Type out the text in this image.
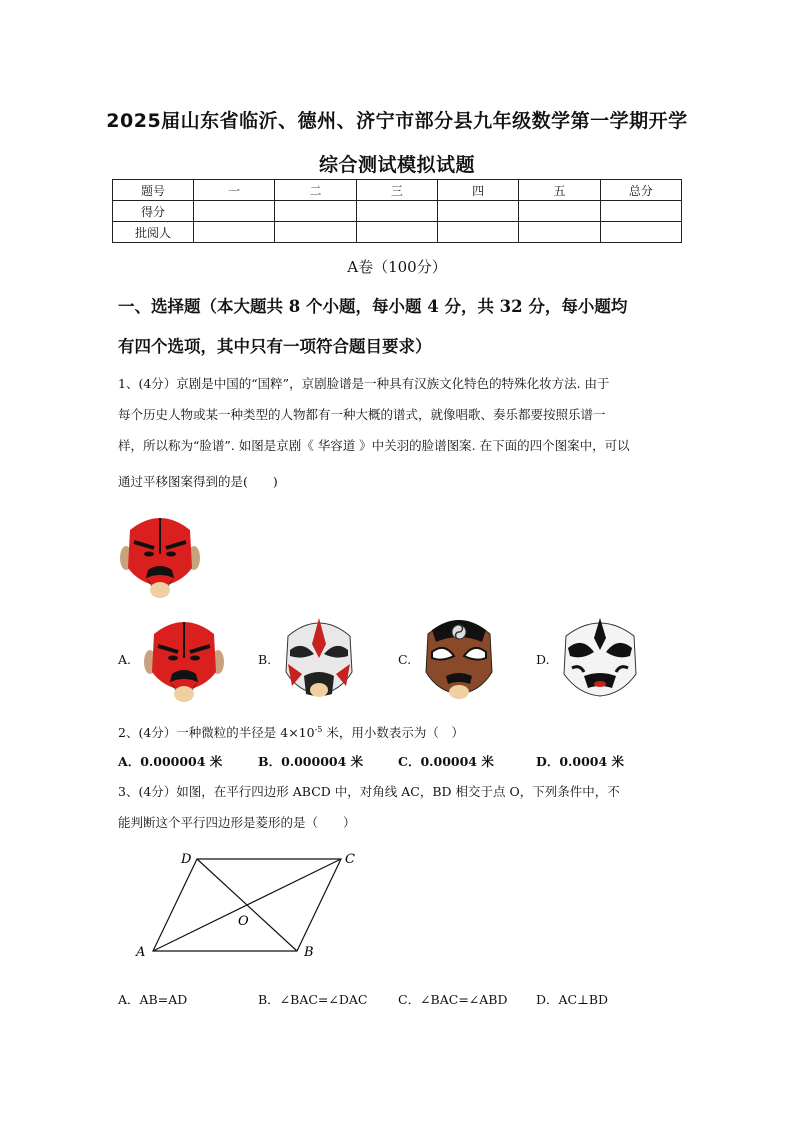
2025届山东省临沂、德州、济宁市部分县九年级数学第一学期开学
综合测试模拟试题
题号	一	二	三	四	五	总分
得分						
批阅人						
A卷（100分）
一、选择题（本大题共 8 个小题，每小题 4 分，共 32 分，每小题均
有四个选项，其中只有一项符合题目要求）
1、(4分）京剧是中国的“国粹”，京剧脸谱是一种具有汉族文化特色的特殊化妆方法. 由于
每个历史人物或某一种类型的人物都有一种大概的谱式，就像唱歌、奏乐都要按照乐谱一
样，所以称为“脸谱”. 如图是京剧《 华容道 》中关羽的脸谱图案. 在下面的四个图案中，可以
通过平移图案得到的是(　　)
A.	B.	C.	D.
2、(4分）一种微粒的半径是 $4\times 10^{-5}$ 米，用小数表示为（　）
A．0.000004 米	B．0.000004 米	C．0.00004 米	D．0.0004 米
3、(4分）如图，在平行四边形 ABCD 中，对角线 AC，BD 相交于点 O，下列条件中，不
能判断这个平行四边形是菱形的是（　　）
A	B
C
D
O
A．AB=AD	B．∠BAC=∠DAC C．∠BAC=∠ABD D．AC⊥BD
